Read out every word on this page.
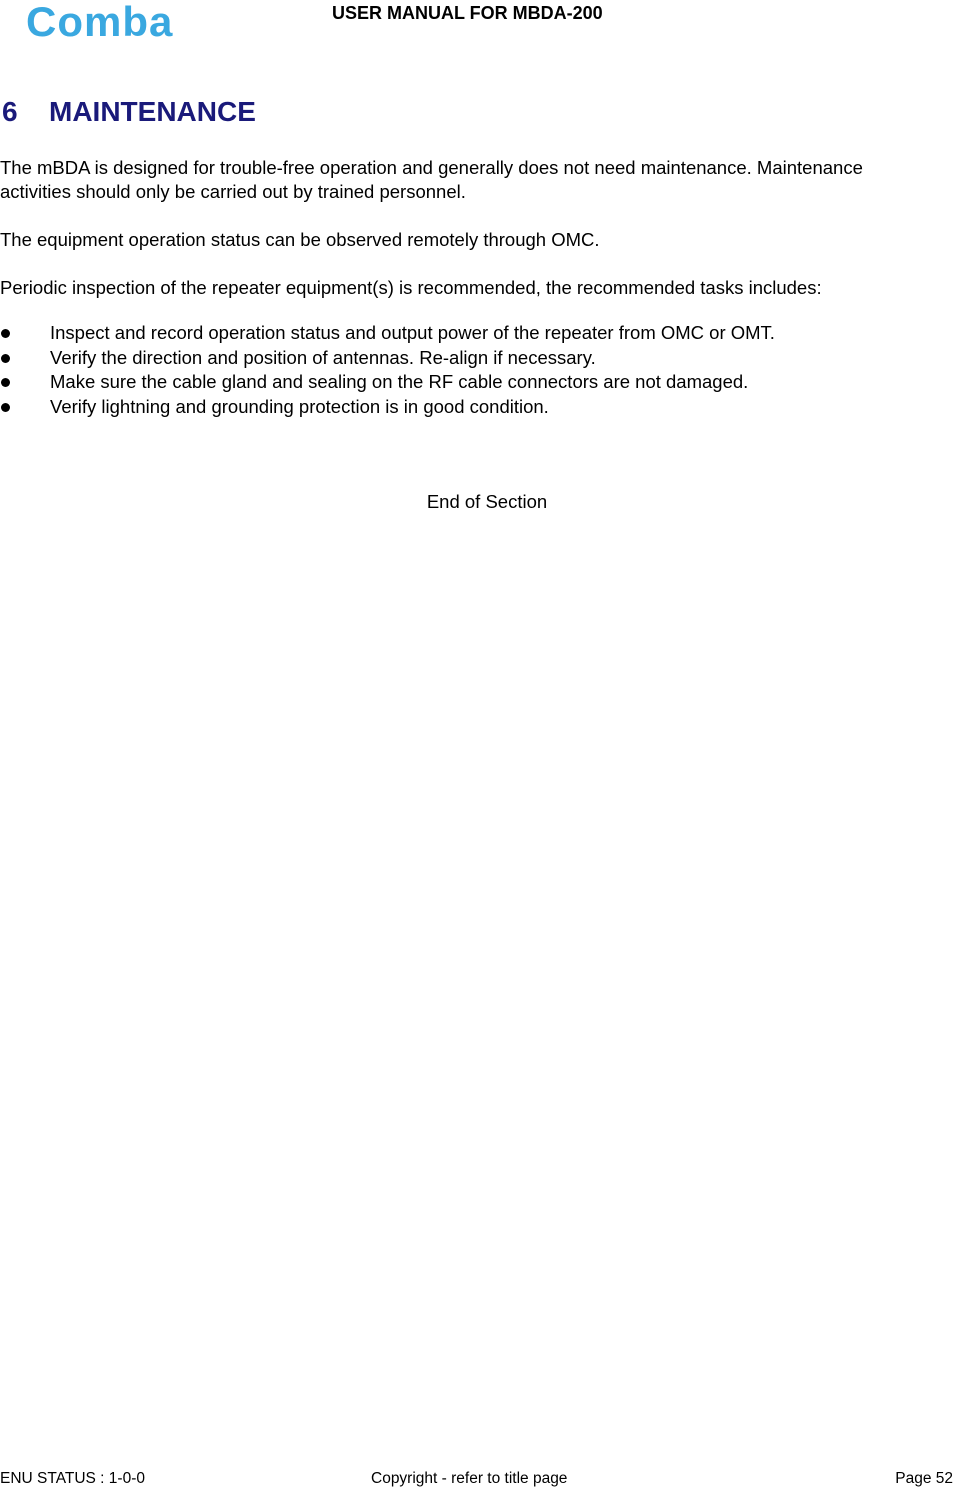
Comba	USER MANUAL FOR MBDA-200
6 MAINTENANCE
The mBDA is designed for trouble-free operation and generally does not need maintenance. Maintenance
activities should only be carried out by trained personnel.
The equipment operation status can be observed remotely through OMC.
Periodic inspection of the repeater equipment(s) is recommended, the recommended tasks includes:
Inspect and record operation status and output power of the repeater from OMC or OMT.
Verify the direction and position of antennas. Re-align if necessary.
Make sure the cable gland and sealing on the RF cable connectors are not damaged.
Verify lightning and grounding protection is in good condition.
End of Section
ENU STATUS : 1-0-0	Copyright - refer to title page	Page 52
